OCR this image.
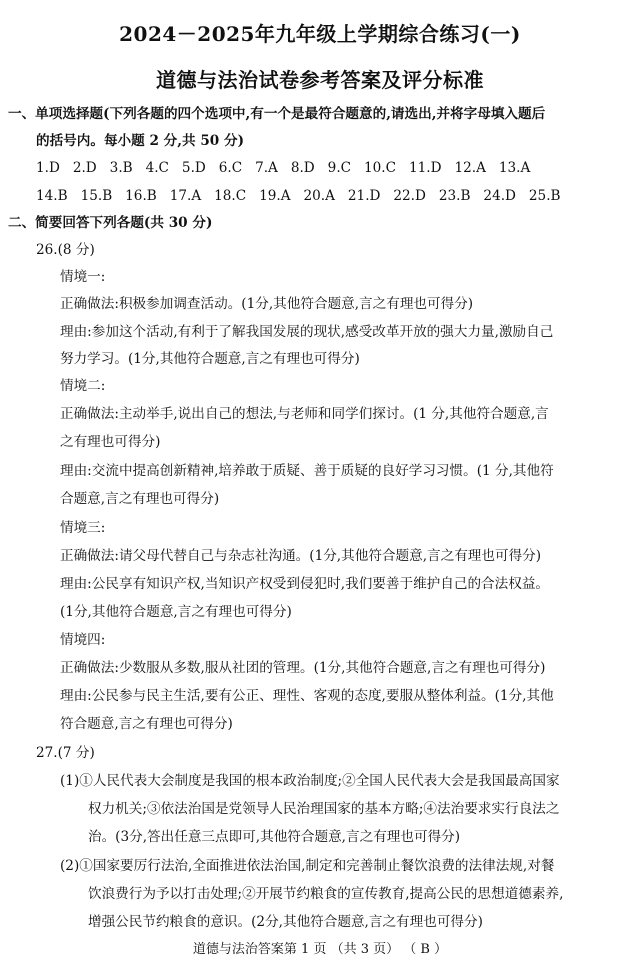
2024－2025年九年级上学期综合练习(一)
道德与法治试卷参考答案及评分标准
一、单项选择题(下列各题的四个选项中,有一个是最符合题意的,请选出,并将字母填入题后
的括号内。每小题 2 分,共 50 分)
1.D   2.D   3.B   4.C   5.D   6.C   7.A   8.D   9.C   10.C   11.D   12.A   13.A
14.B   15.B   16.B   17.A   18.C   19.A   20.A   21.D   22.D   23.B   24.D   25.B
二、简要回答下列各题(共 30 分)
26.(8 分)
情境一:
正确做法:积极参加调查活动。(1分,其他符合题意,言之有理也可得分)
理由:参加这个活动,有利于了解我国发展的现状,感受改革开放的强大力量,激励自己
努力学习。(1分,其他符合题意,言之有理也可得分)
情境二:
正确做法:主动举手,说出自己的想法,与老师和同学们探讨。(1 分,其他符合题意,言
之有理也可得分)
理由:交流中提高创新精神,培养敢于质疑、善于质疑的良好学习习惯。(1 分,其他符
合题意,言之有理也可得分)
情境三:
正确做法:请父母代替自己与杂志社沟通。(1分,其他符合题意,言之有理也可得分)
理由:公民享有知识产权,当知识产权受到侵犯时,我们要善于维护自己的合法权益。
(1分,其他符合题意,言之有理也可得分)
情境四:
正确做法:少数服从多数,服从社团的管理。(1分,其他符合题意,言之有理也可得分)
理由:公民参与民主生活,要有公正、理性、客观的态度,要服从整体利益。(1分,其他
符合题意,言之有理也可得分)
27.(7 分)
(1)①人民代表大会制度是我国的根本政治制度;②全国人民代表大会是我国最高国家
权力机关;③依法治国是党领导人民治理国家的基本方略;④法治要求实行良法之
治。(3分,答出任意三点即可,其他符合题意,言之有理也可得分)
(2)①国家要厉行法治,全面推进依法治国,制定和完善制止餐饮浪费的法律法规,对餐
饮浪费行为予以打击处理;②开展节约粮食的宣传教育,提高公民的思想道德素养,
增强公民节约粮食的意识。(2分,其他符合题意,言之有理也可得分)
道德与法治答案第 1 页 （共 3 页） （ B ）
